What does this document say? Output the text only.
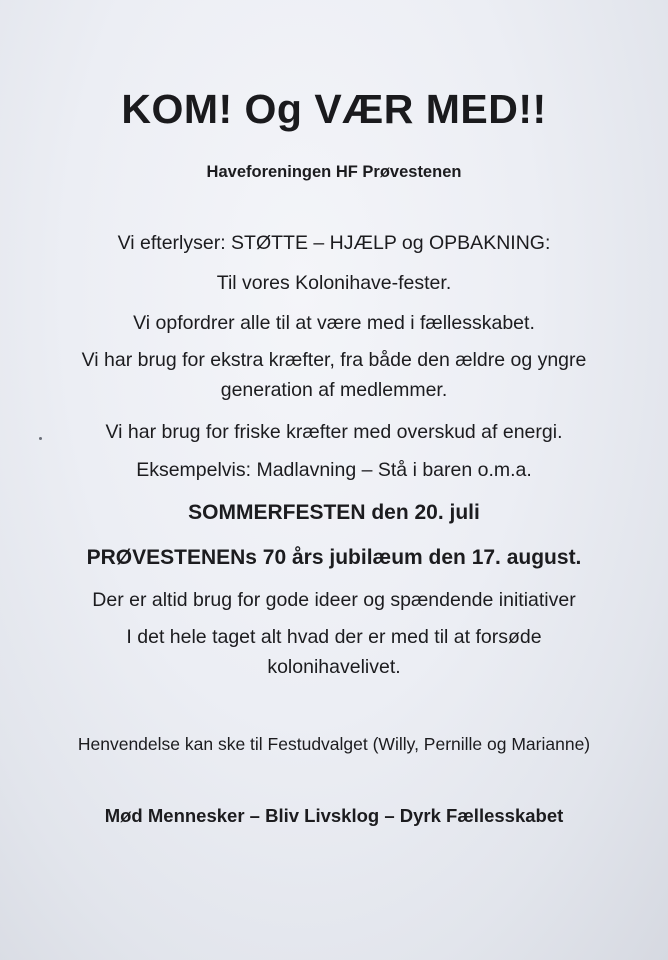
KOM! Og VÆR MED!!

Haveforeningen HF Prøvestenen

Vi efterlyser: STØTTE – HJÆLP og OPBAKNING:

Til vores Kolonihave-fester.

Vi opfordrer alle til at være med i fællesskabet.

Vi har brug for ekstra kræfter, fra både den ældre og yngre

generation af medlemmer.

Vi har brug for friske kræfter med overskud af energi.

Eksempelvis: Madlavning – Stå i baren o.m.a.

SOMMERFESTEN den 20. juli

PRØVESTENENs 70 års jubilæum den 17. august.

Der er altid brug for gode ideer og spændende initiativer

I det hele taget alt hvad der er med til at forsøde

kolonihavelivet.

Henvendelse kan ske til Festudvalget (Willy, Pernille og Marianne)

Mød Mennesker – Bliv Livsklog – Dyrk Fællesskabet
